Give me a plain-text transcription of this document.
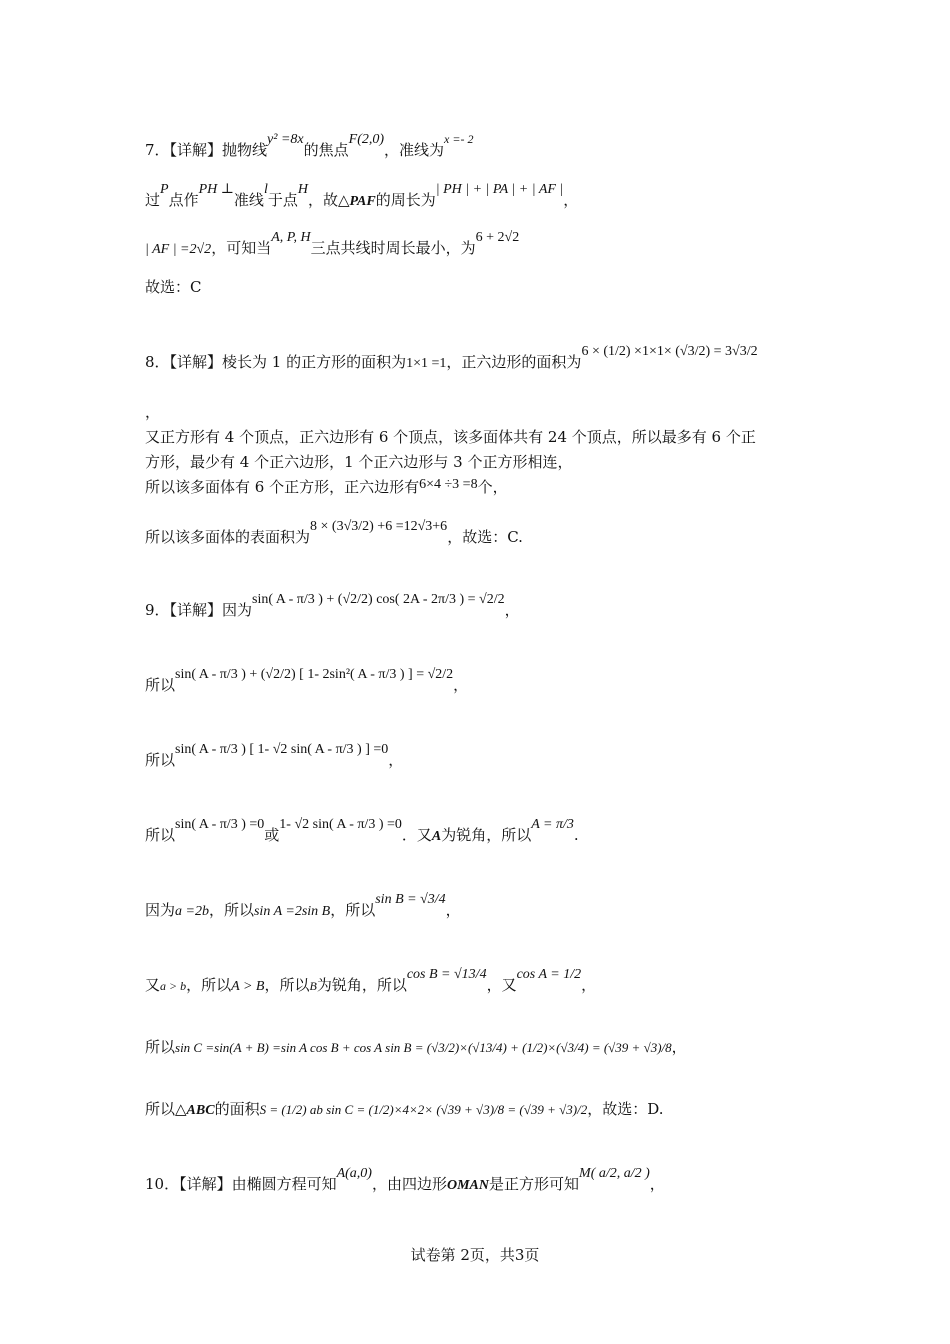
7．【详解】抛物线y² =8x的焦点F(2,0)，准线为$^{x =- 2}$
过P点作PH ⊥准线l于点H，故△PAF的周长为| PH | + | PA | + | AF |，
| AF | =2√2，可知当A, P, H三点共线时周长最小，为6 + 2√2
故选：C
8．【详解】棱长为 1 的正方形的面积为1×1 =1，正六边形的面积为6 × (1/2) ×1×1× (√3/2) = 3√3/2
，
又正方形有 4 个顶点，正六边形有 6 个顶点，该多面体共有 24 个顶点，所以最多有 6 个正
方形，最少有 4 个正六边形，1 个正六边形与 3 个正方形相连，
所以该多面体有 6 个正方形，正六边形有6×4 ÷3 =8个，
所以该多面体的表面积为8 × (3√3/2) +6 =12√3+6，故选：C.
9．【详解】因为sin( A - π/3 ) + (√2/2) cos( 2A - 2π/3 ) = √2/2，
所以sin( A - π/3 ) + (√2/2) [ 1- 2sin²( A - π/3 ) ] = √2/2，
所以sin( A - π/3 ) [ 1- √2 sin( A - π/3 ) ] =0，
所以sin( A - π/3 ) =0或1- √2 sin( A - π/3 ) =0．又A为锐角，所以A = π/3.
因为a =2b，所以sin A =2sin B，所以sin B = √3/4，
又a > b，所以A > B，所以B为锐角，所以cos B = √13/4，又cos A = 1/2，
所以sin C =sin(A + B) =sin A cos B + cos A sin B = (√3/2)×(√13/4) + (1/2)×(√3/4) = (√39 + √3)/8，
所以△ABC的面积S = (1/2) ab sin C = (1/2)×4×2× (√39 + √3)/8 = (√39 + √3)/2，故选：D.
10．【详解】由椭圆方程可知A(a,0)，由四边形OMAN是正方形可知M( a/2, a/2 )，
试卷第 2页，共3页
